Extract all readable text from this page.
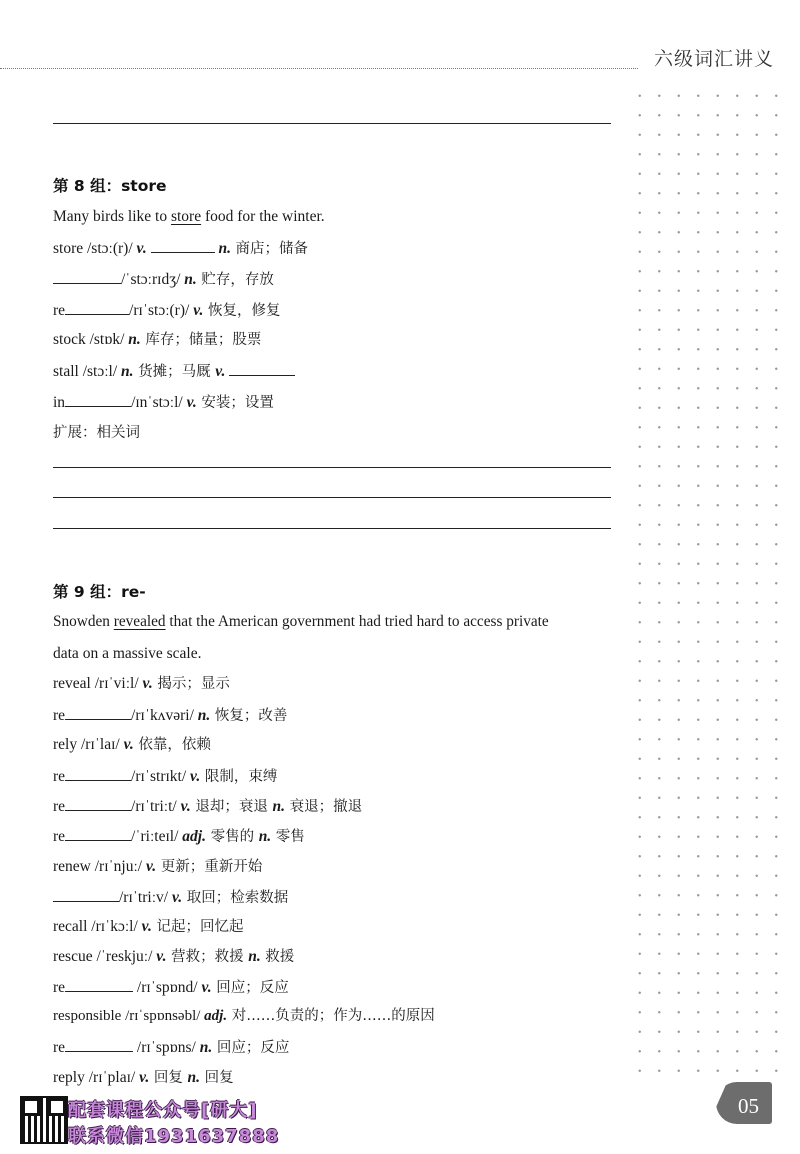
六级词汇讲义
第 8 组：store
Many birds like to store food for the winter.
store /stɔː(r)/ v.	n. 商店；储备
/ˈstɔːrɪdʒ/ n. 贮存，存放
re	/rɪˈstɔː(r)/ v. 恢复，修复
stock /stɒk/ n. 库存；储量；股票
stall /stɔːl/ n. 货摊；马厩 v.
in	/ɪnˈstɔːl/ v. 安装；设置
扩展：相关词
第 9 组：re-
Snowden revealed that the American government had tried hard to access private
data on a massive scale.
reveal /rɪˈviːl/ v. 揭示；显示
re	/rɪˈkʌvəri/ n. 恢复；改善
rely /rɪˈlaɪ/ v. 依靠，依赖
re	/rɪˈstrɪkt/ v. 限制，束缚
re	/rɪˈtriːt/ v. 退却；衰退 n. 衰退；撤退
re	/ˈriːteɪl/ adj. 零售的 n. 零售
renew /rɪˈnjuː/ v. 更新；重新开始
/rɪˈtriːv/ v. 取回；检索数据
recall /rɪˈkɔːl/ v. 记起；回忆起
rescue /ˈreskjuː/ v. 营救；救援 n. 救援
re	/rɪˈspɒnd/ v. 回应；反应
responsible /rɪˈspɒnsəbl/ adj. 对……负责的；作为……的原因
re	/rɪˈspɒns/ n. 回应；反应
reply /rɪˈplaɪ/ v. 回复 n. 回复
配套课程公众号[研大]
联系微信1931637888
05
